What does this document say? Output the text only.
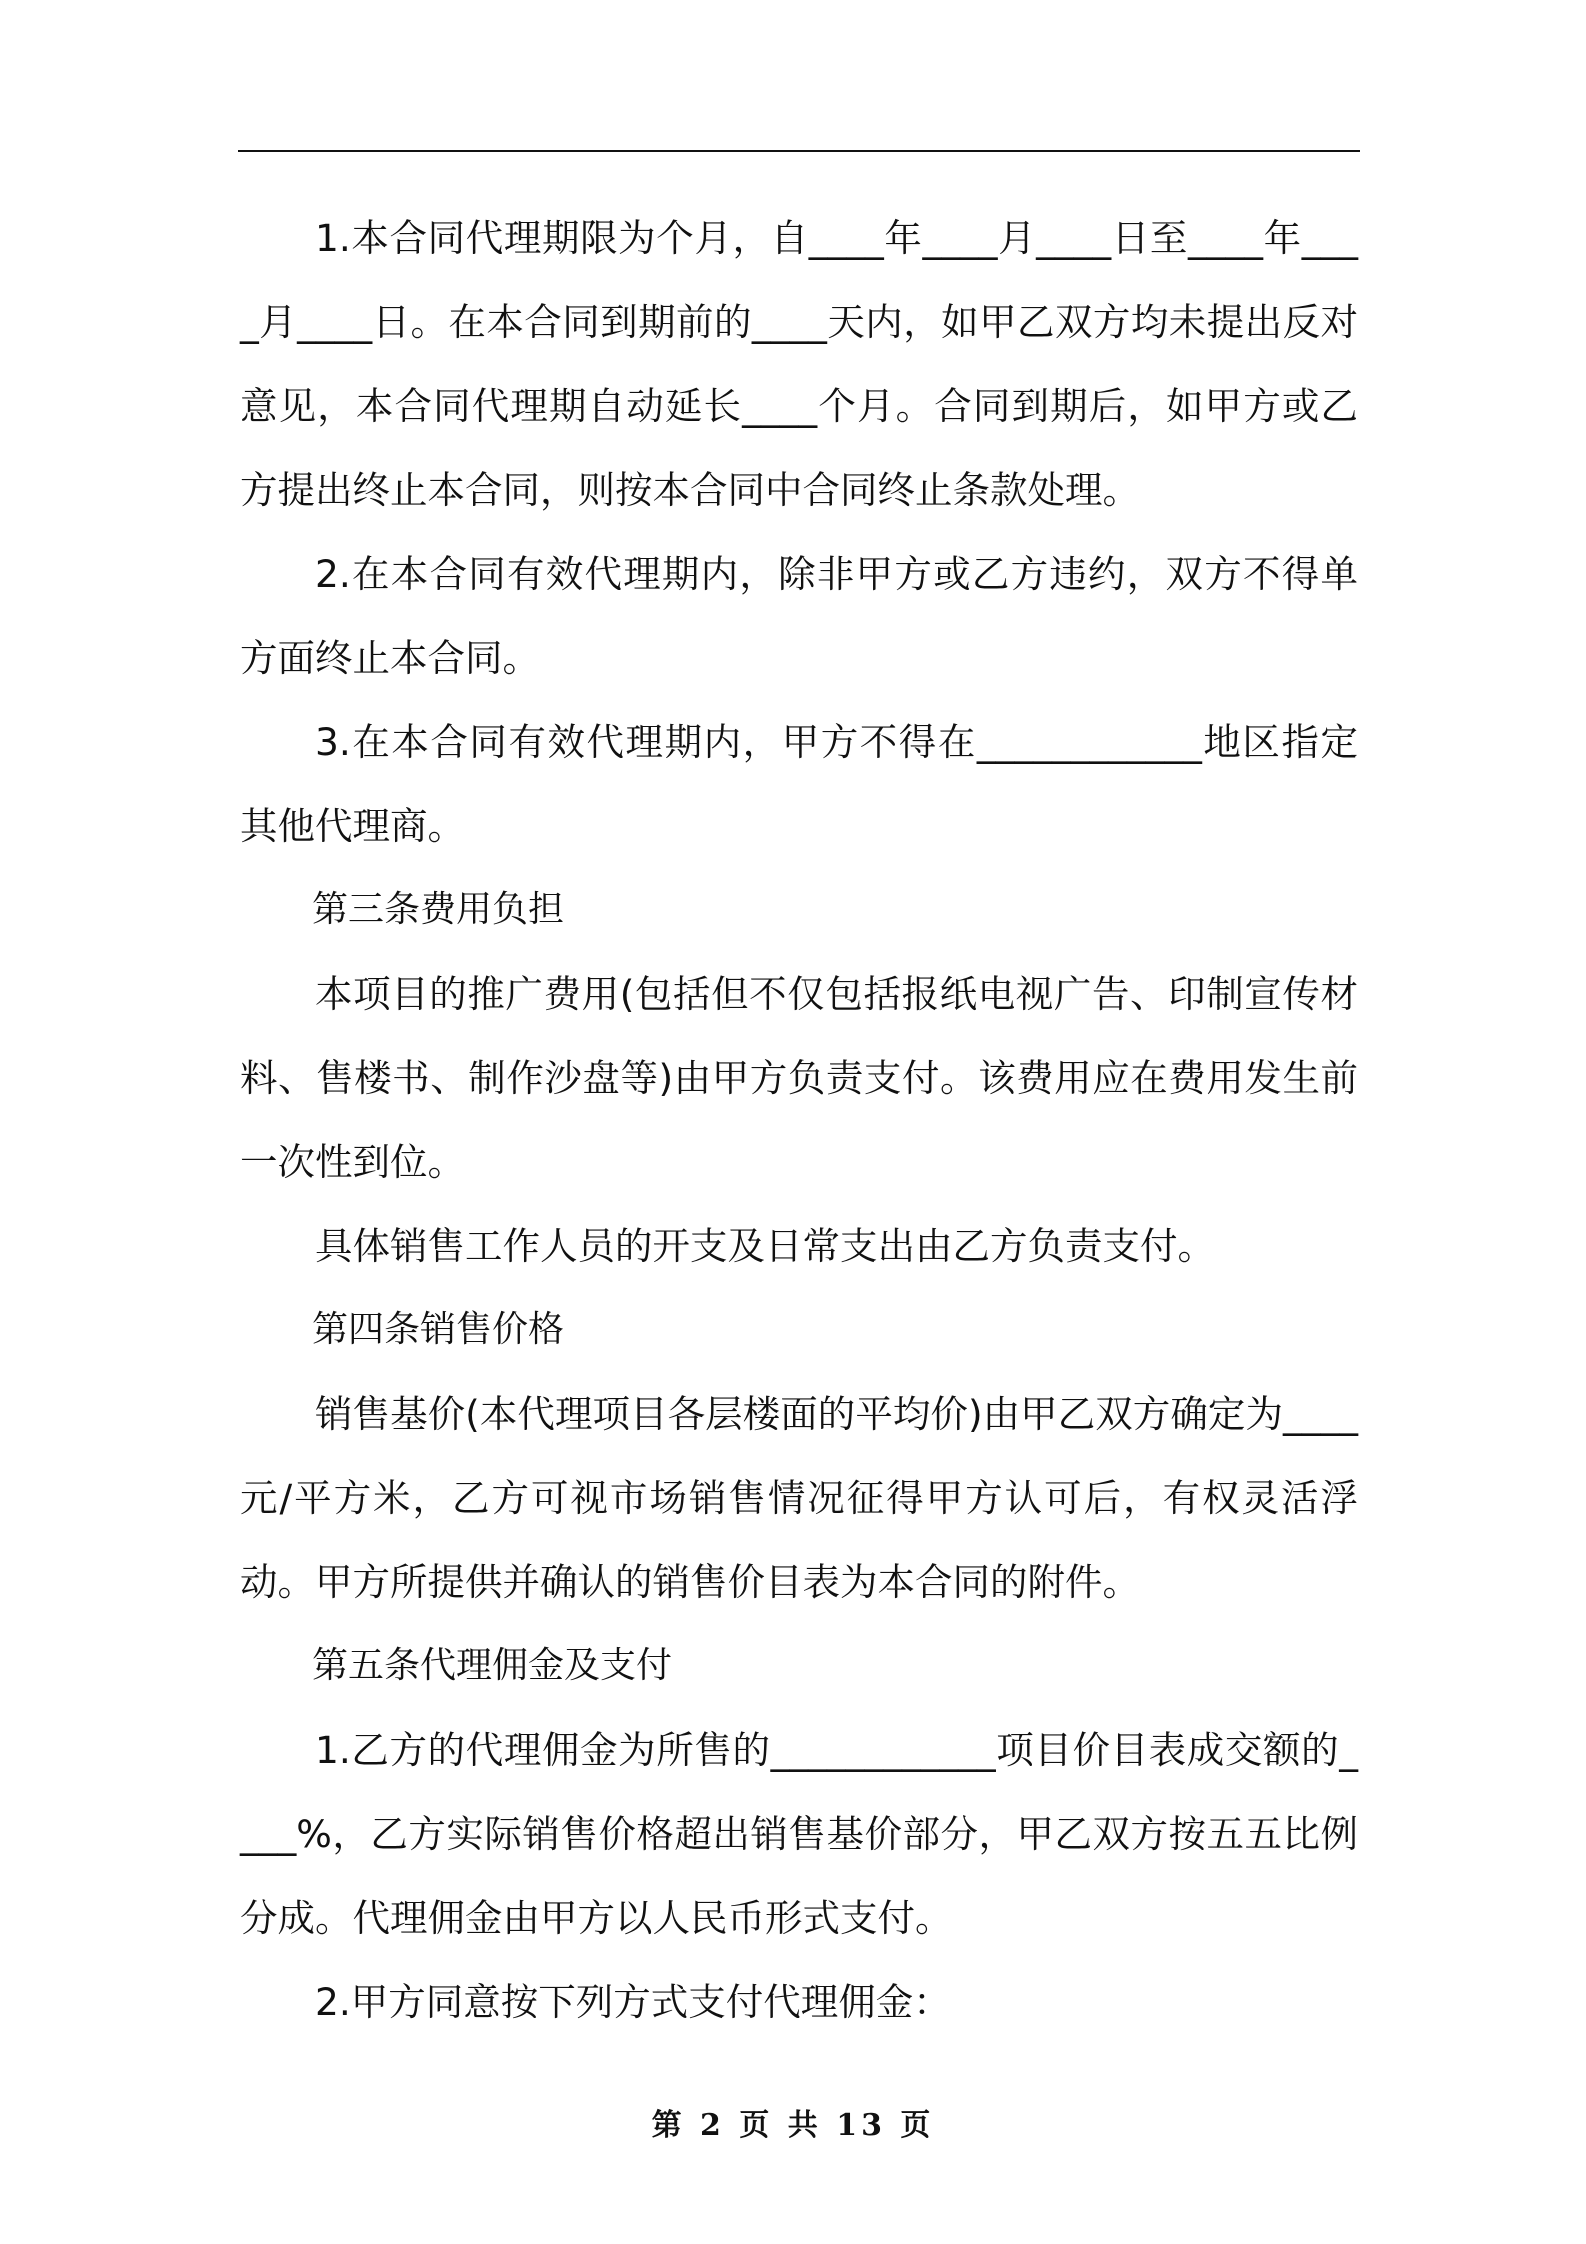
1.本合同代理期限为个月，自____年____月____日至____年____月____日。在本合同到期前的____天内，如甲乙双方均未提出反对意见，本合同代理期自动延长____个月。合同到期后，如甲方或乙方提出终止本合同，则按本合同中合同终止条款处理。

2.在本合同有效代理期内，除非甲方或乙方违约，双方不得单方面终止本合同。

3.在本合同有效代理期内，甲方不得在____________地区指定其他代理商。

第三条费用负担

本项目的推广费用(包括但不仅包括报纸电视广告、印制宣传材料、售楼书、制作沙盘等)由甲方负责支付。该费用应在费用发生前一次性到位。

具体销售工作人员的开支及日常支出由乙方负责支付。

第四条销售价格

销售基价(本代理项目各层楼面的平均价)由甲乙双方确定为____元/平方米，乙方可视市场销售情况征得甲方认可后，有权灵活浮动。甲方所提供并确认的销售价目表为本合同的附件。

第五条代理佣金及支付

1.乙方的代理佣金为所售的____________项目价目表成交额的____%，乙方实际销售价格超出销售基价部分，甲乙双方按五五比例分成。代理佣金由甲方以人民币形式支付。

2.甲方同意按下列方式支付代理佣金：

第 2 页 共 13 页
